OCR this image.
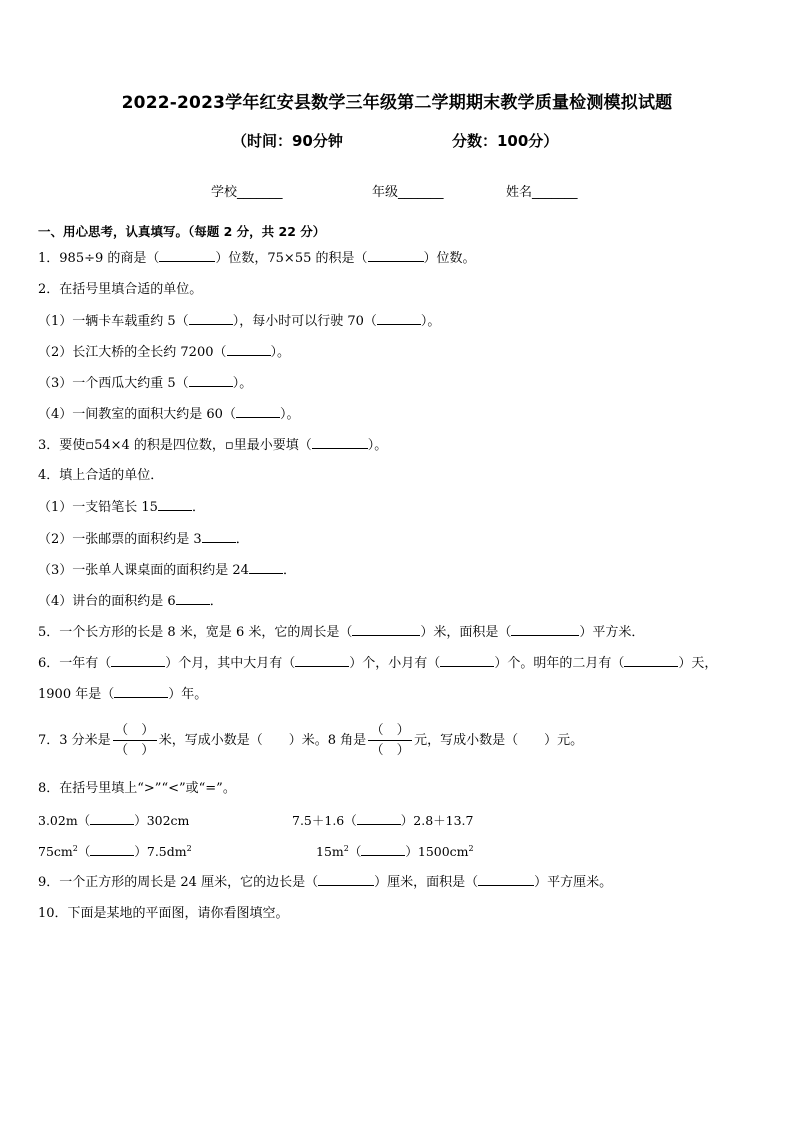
2022-2023学年红安县数学三年级第二学期期末教学质量检测模拟试题
（时间：90分钟	分数：100分）
学校_______	年级_______	姓名_______
一、用心思考，认真填写。（每题 2 分，共 22 分）
1．985÷9 的商是（	）位数，75×55 的积是（	）位数。
2．在括号里填合适的单位。
（1）一辆卡车载重约 5（	），每小时可以行驶 70（	）。
（2）长江大桥的全长约 7200（	）。
（3）一个西瓜大约重 5（	）。
（4）一间教室的面积大约是 60（	）。
3．要使▫54×4 的积是四位数，▫里最小要填（	）。
4．填上合适的单位．
（1）一支铅笔长 15	．
（2）一张邮票的面积约是 3	．
（3）一张单人课桌面的面积约是 24	．
（4）讲台的面积约是 6	．
5．一个长方形的长是 8 米，宽是 6 米，它的周长是（	）米，面积是（	）平方米．
6．一年有（	）个月，其中大月有（	）个，小月有（	）个。明年的二月有（	）天，
1900 年是（	）年。
7．3 分米是 $\frac{( )}{( )}$ 米，写成小数是（　　）米。8 角是 $\frac{( )}{( )}$ 元，写成小数是（　　）元。
8．在括号里填上“>”“<”或“=”。
3.02m（	）302cm	7.5＋1.6（	）2.8＋13.7
$75cm^2$（	）$7.5dm^2$	$15m^2$（	）$1500cm^2$
9．一个正方形的周长是 24 厘米，它的边长是（	）厘米，面积是（	）平方厘米。
10．下面是某地的平面图，请你看图填空。
